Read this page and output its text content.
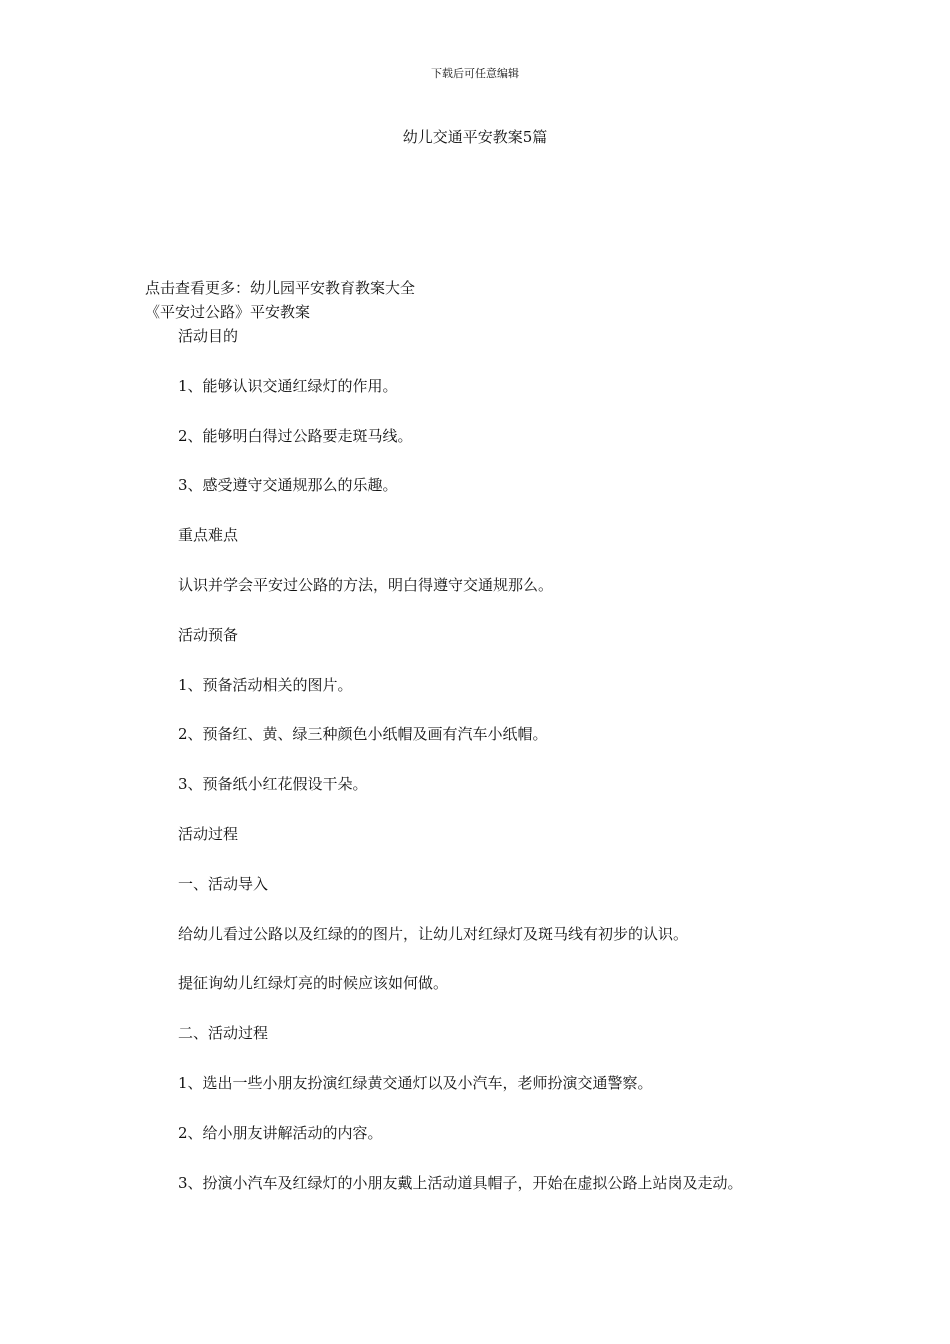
下载后可任意编辑
幼儿交通平安教案5篇
点击查看更多：幼儿园平安教育教案大全
《平安过公路》平安教案
活动目的
1、能够认识交通红绿灯的作用。
2、能够明白得过公路要走斑马线。
3、感受遵守交通规那么的乐趣。
重点难点
认识并学会平安过公路的方法，明白得遵守交通规那么。
活动预备
1、预备活动相关的图片。
2、预备红、黄、绿三种颜色小纸帽及画有汽车小纸帽。
3、预备纸小红花假设干朵。
活动过程
一、活动导入
给幼儿看过公路以及红绿的的图片，让幼儿对红绿灯及斑马线有初步的认识。
提征询幼儿红绿灯亮的时候应该如何做。
二、活动过程
1、选出一些小朋友扮演红绿黄交通灯以及小汽车，老师扮演交通警察。
2、给小朋友讲解活动的内容。
3、扮演小汽车及红绿灯的小朋友戴上活动道具帽子，开始在虚拟公路上站岗及走动。
